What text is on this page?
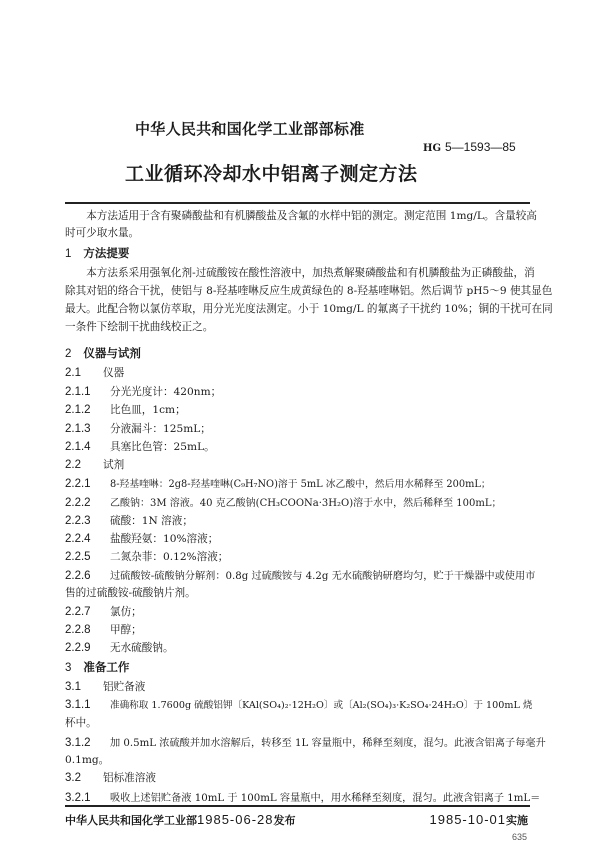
中华人民共和国化学工业部部标准
HG 5—1593—85
工业循环冷却水中铝离子测定方法
　　本方法适用于含有聚磷酸盐和有机膦酸盐及含氟的水样中铝的测定。测定范围 1mg/L。含量较高
时可少取水量。
1 方法提要
　　本方法系采用强氧化剂-过硫酸铵在酸性溶液中，加热煮解聚磷酸盐和有机膦酸盐为正磷酸盐，消
除其对铝的络合干扰，使铝与 8-羟基喹啉反应生成黄绿色的 8-羟基喹啉铝。然后调节 pH5～9 使其显色
最大。此配合物以氯仿萃取，用分光光度法测定。小于 10mg/L 的氟离子干扰约 10%；铜的干扰可在同
一条件下绘制干扰曲线校正之。
2 仪器与试剂
2.1 仪器
2.1.1 分光光度计：420nm；
2.1.2 比色皿，1cm；
2.1.3 分液漏斗：125mL；
2.1.4 具塞比色管：25mL。
2.2 试剂
2.2.1 8-羟基喹啉：2g8-羟基喹啉(C₉H₇NO)溶于 5mL 冰乙酸中，然后用水稀释至 200mL；
2.2.2 乙酸钠：3M 溶液。40 克乙酸钠(CH₃COONa·3H₂O)溶于水中，然后稀释至 100mL；
2.2.3 硫酸：1N 溶液；
2.2.4 盐酸羟氨：10%溶液；
2.2.5 二氮杂菲：0.12%溶液；
2.2.6 过硫酸铵-硫酸钠分解剂：0.8g 过硫酸铵与 4.2g 无水硫酸钠研磨均匀，贮于干燥器中或使用市
售的过硫酸铵-硫酸钠片剂。
2.2.7 氯仿；
2.2.8 甲醇；
2.2.9 无水硫酸钠。
3 准备工作
3.1 铝贮备液
3.1.1 准确称取 1.7600g 硫酸铝钾〔KAl(SO₄)₂·12H₂O〕或〔Al₂(SO₄)₃·K₂SO₄·24H₂O〕于 100mL 烧
杯中。
3.1.2 加 0.5mL 浓硫酸并加水溶解后，转移至 1L 容量瓶中，稀释至刻度，混匀。此液含铝离子每毫升
0.1mg。
3.2 铝标准溶液
3.2.1 吸收上述铝贮备液 10mL 于 100mL 容量瓶中，用水稀释至刻度，混匀。此液含铝离子 1mL＝
中华人民共和国化学工业部1985-06-28发布	1985-10-01实施
635
